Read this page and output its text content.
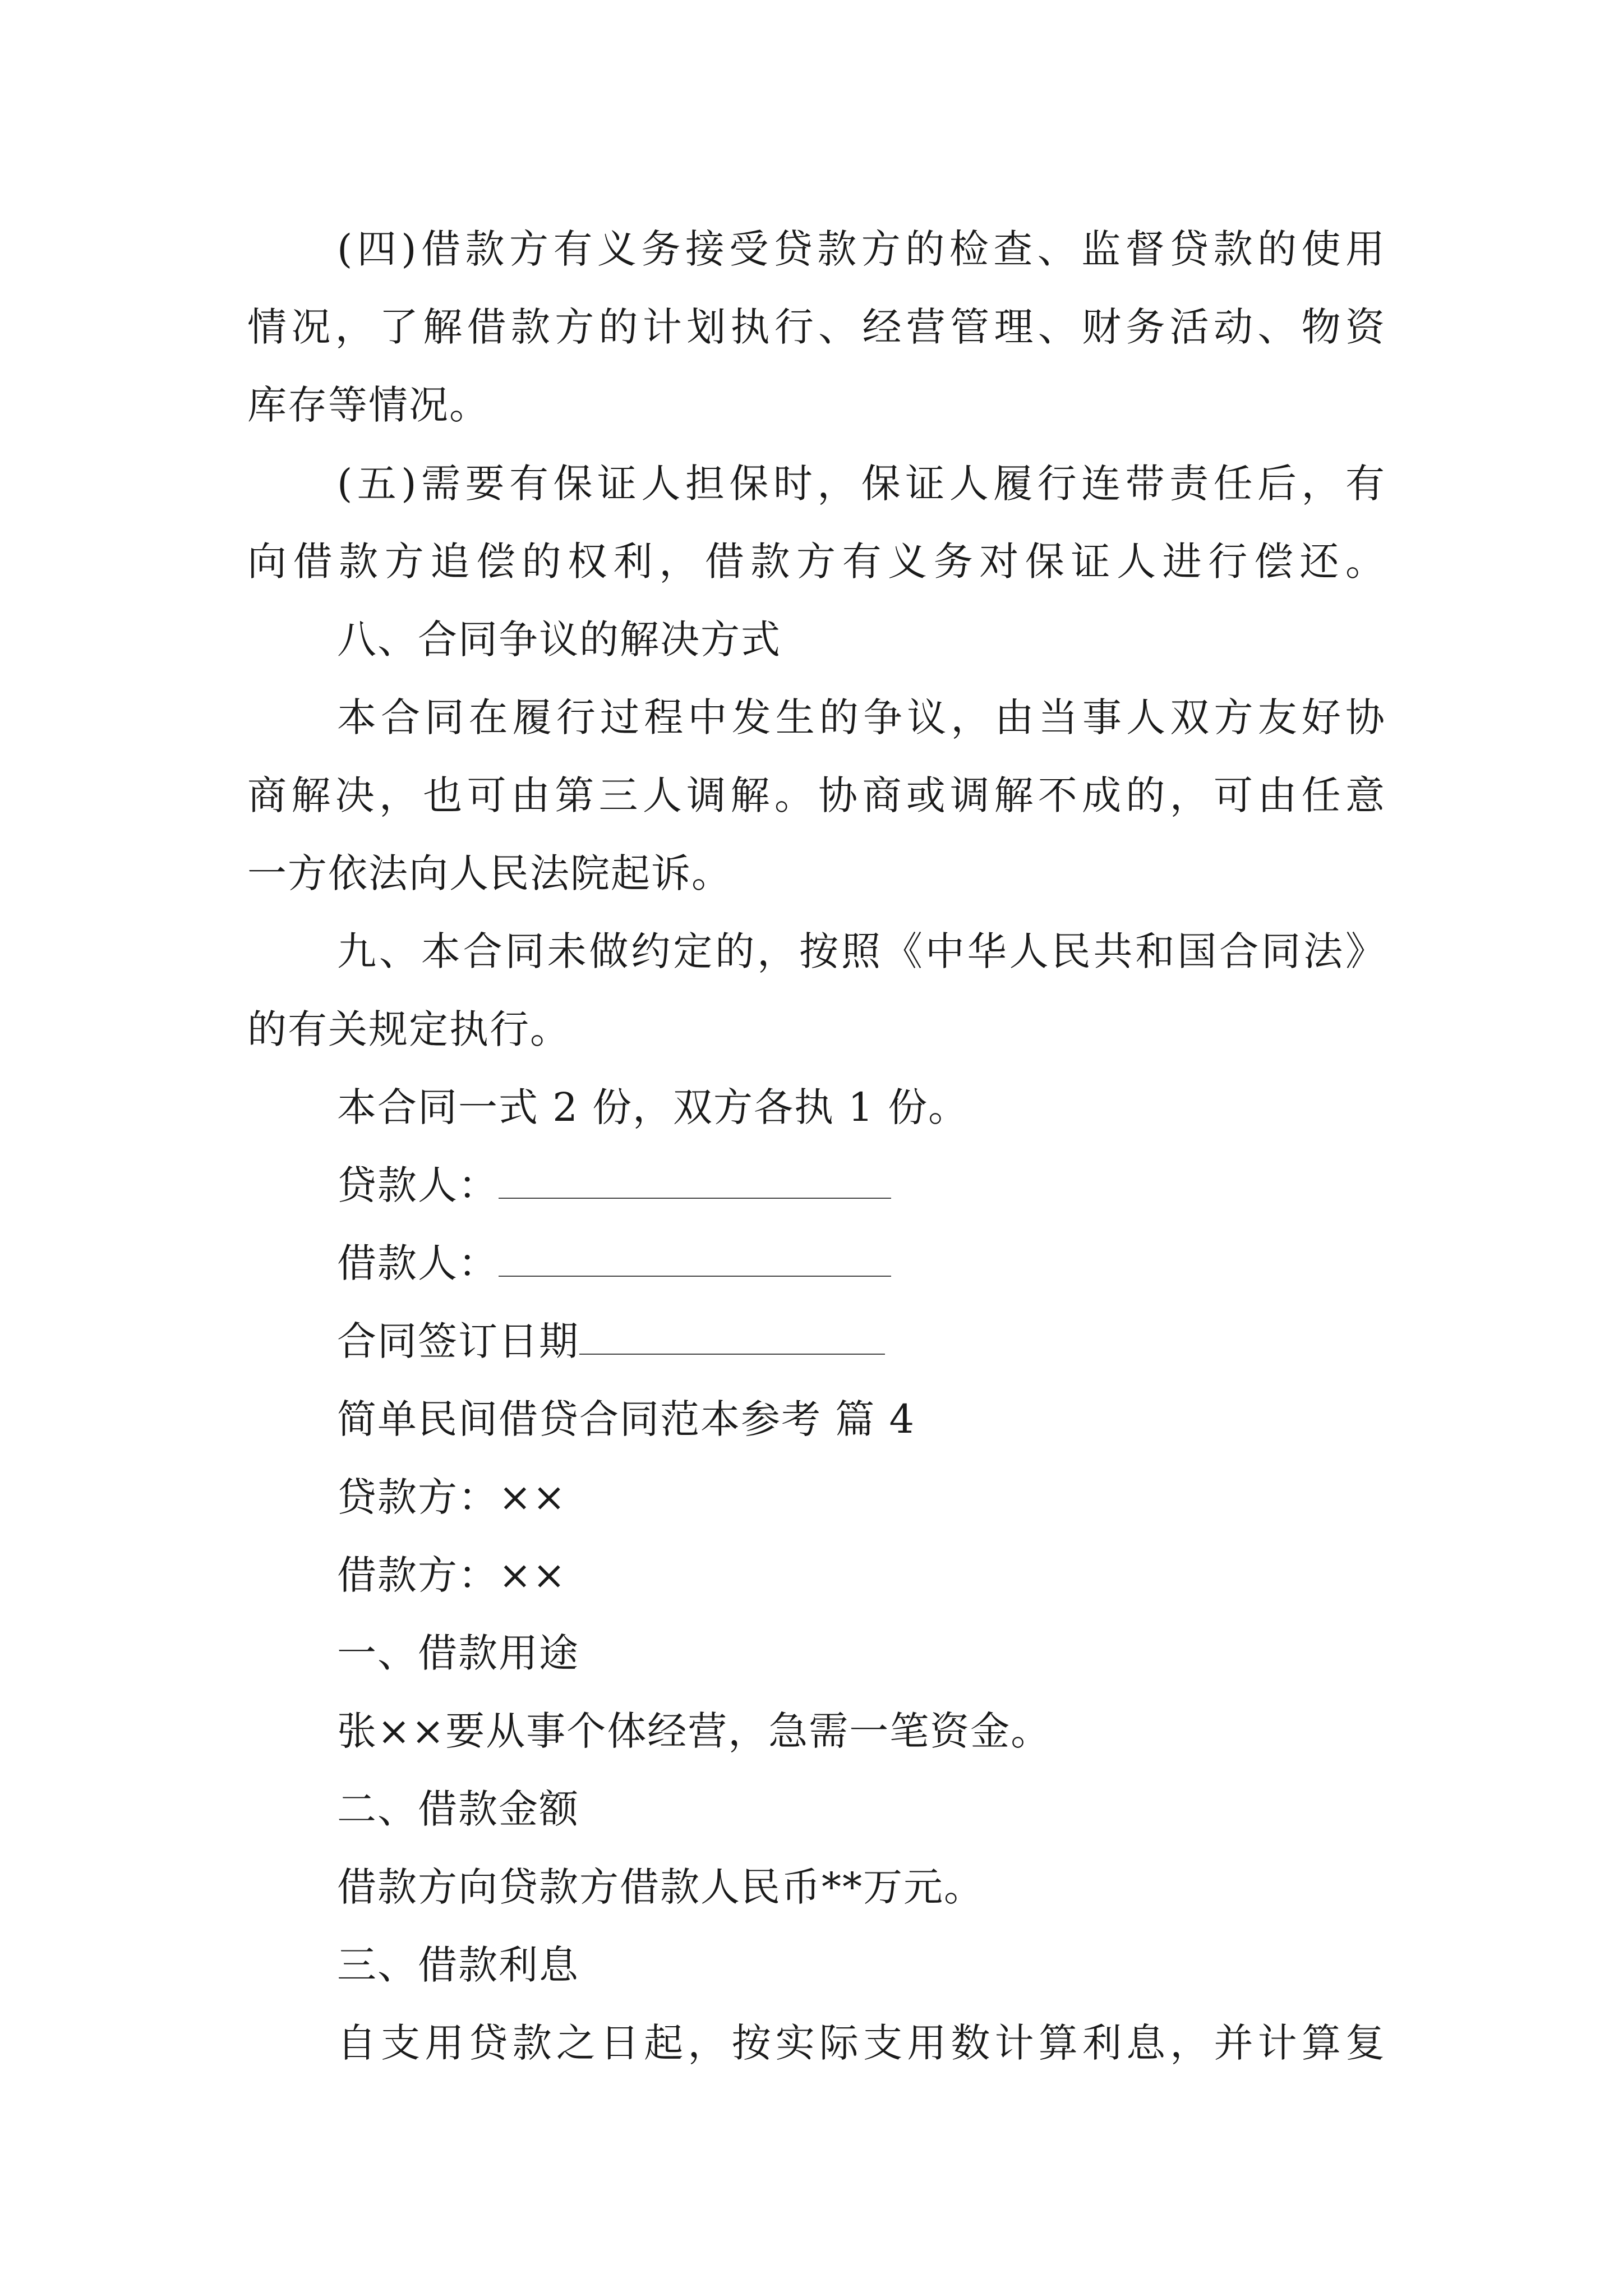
(四)借款方有义务接受贷款方的检查、监督贷款的使用
情况，了解借款方的计划执行、经营管理、财务活动、物资
库存等情况。
(五)需要有保证人担保时，保证人履行连带责任后，有
向借款方追偿的权利，借款方有义务对保证人进行偿还。
八、合同争议的解决方式
本合同在履行过程中发生的争议，由当事人双方友好协
商解决，也可由第三人调解。协商或调解不成的，可由任意
一方依法向人民法院起诉。
九、本合同未做约定的，按照《中华人民共和国合同法》
的有关规定执行。
本合同一式 2 份，双方各执 1 份。
贷款人：
借款人：
合同签订日期
简单民间借贷合同范本参考 篇 4
贷款方：××
借款方：××
一、借款用途
张××要从事个体经营，急需一笔资金。
二、借款金额
借款方向贷款方借款人民币**万元。
三、借款利息
自支用贷款之日起，按实际支用数计算利息，并计算复
